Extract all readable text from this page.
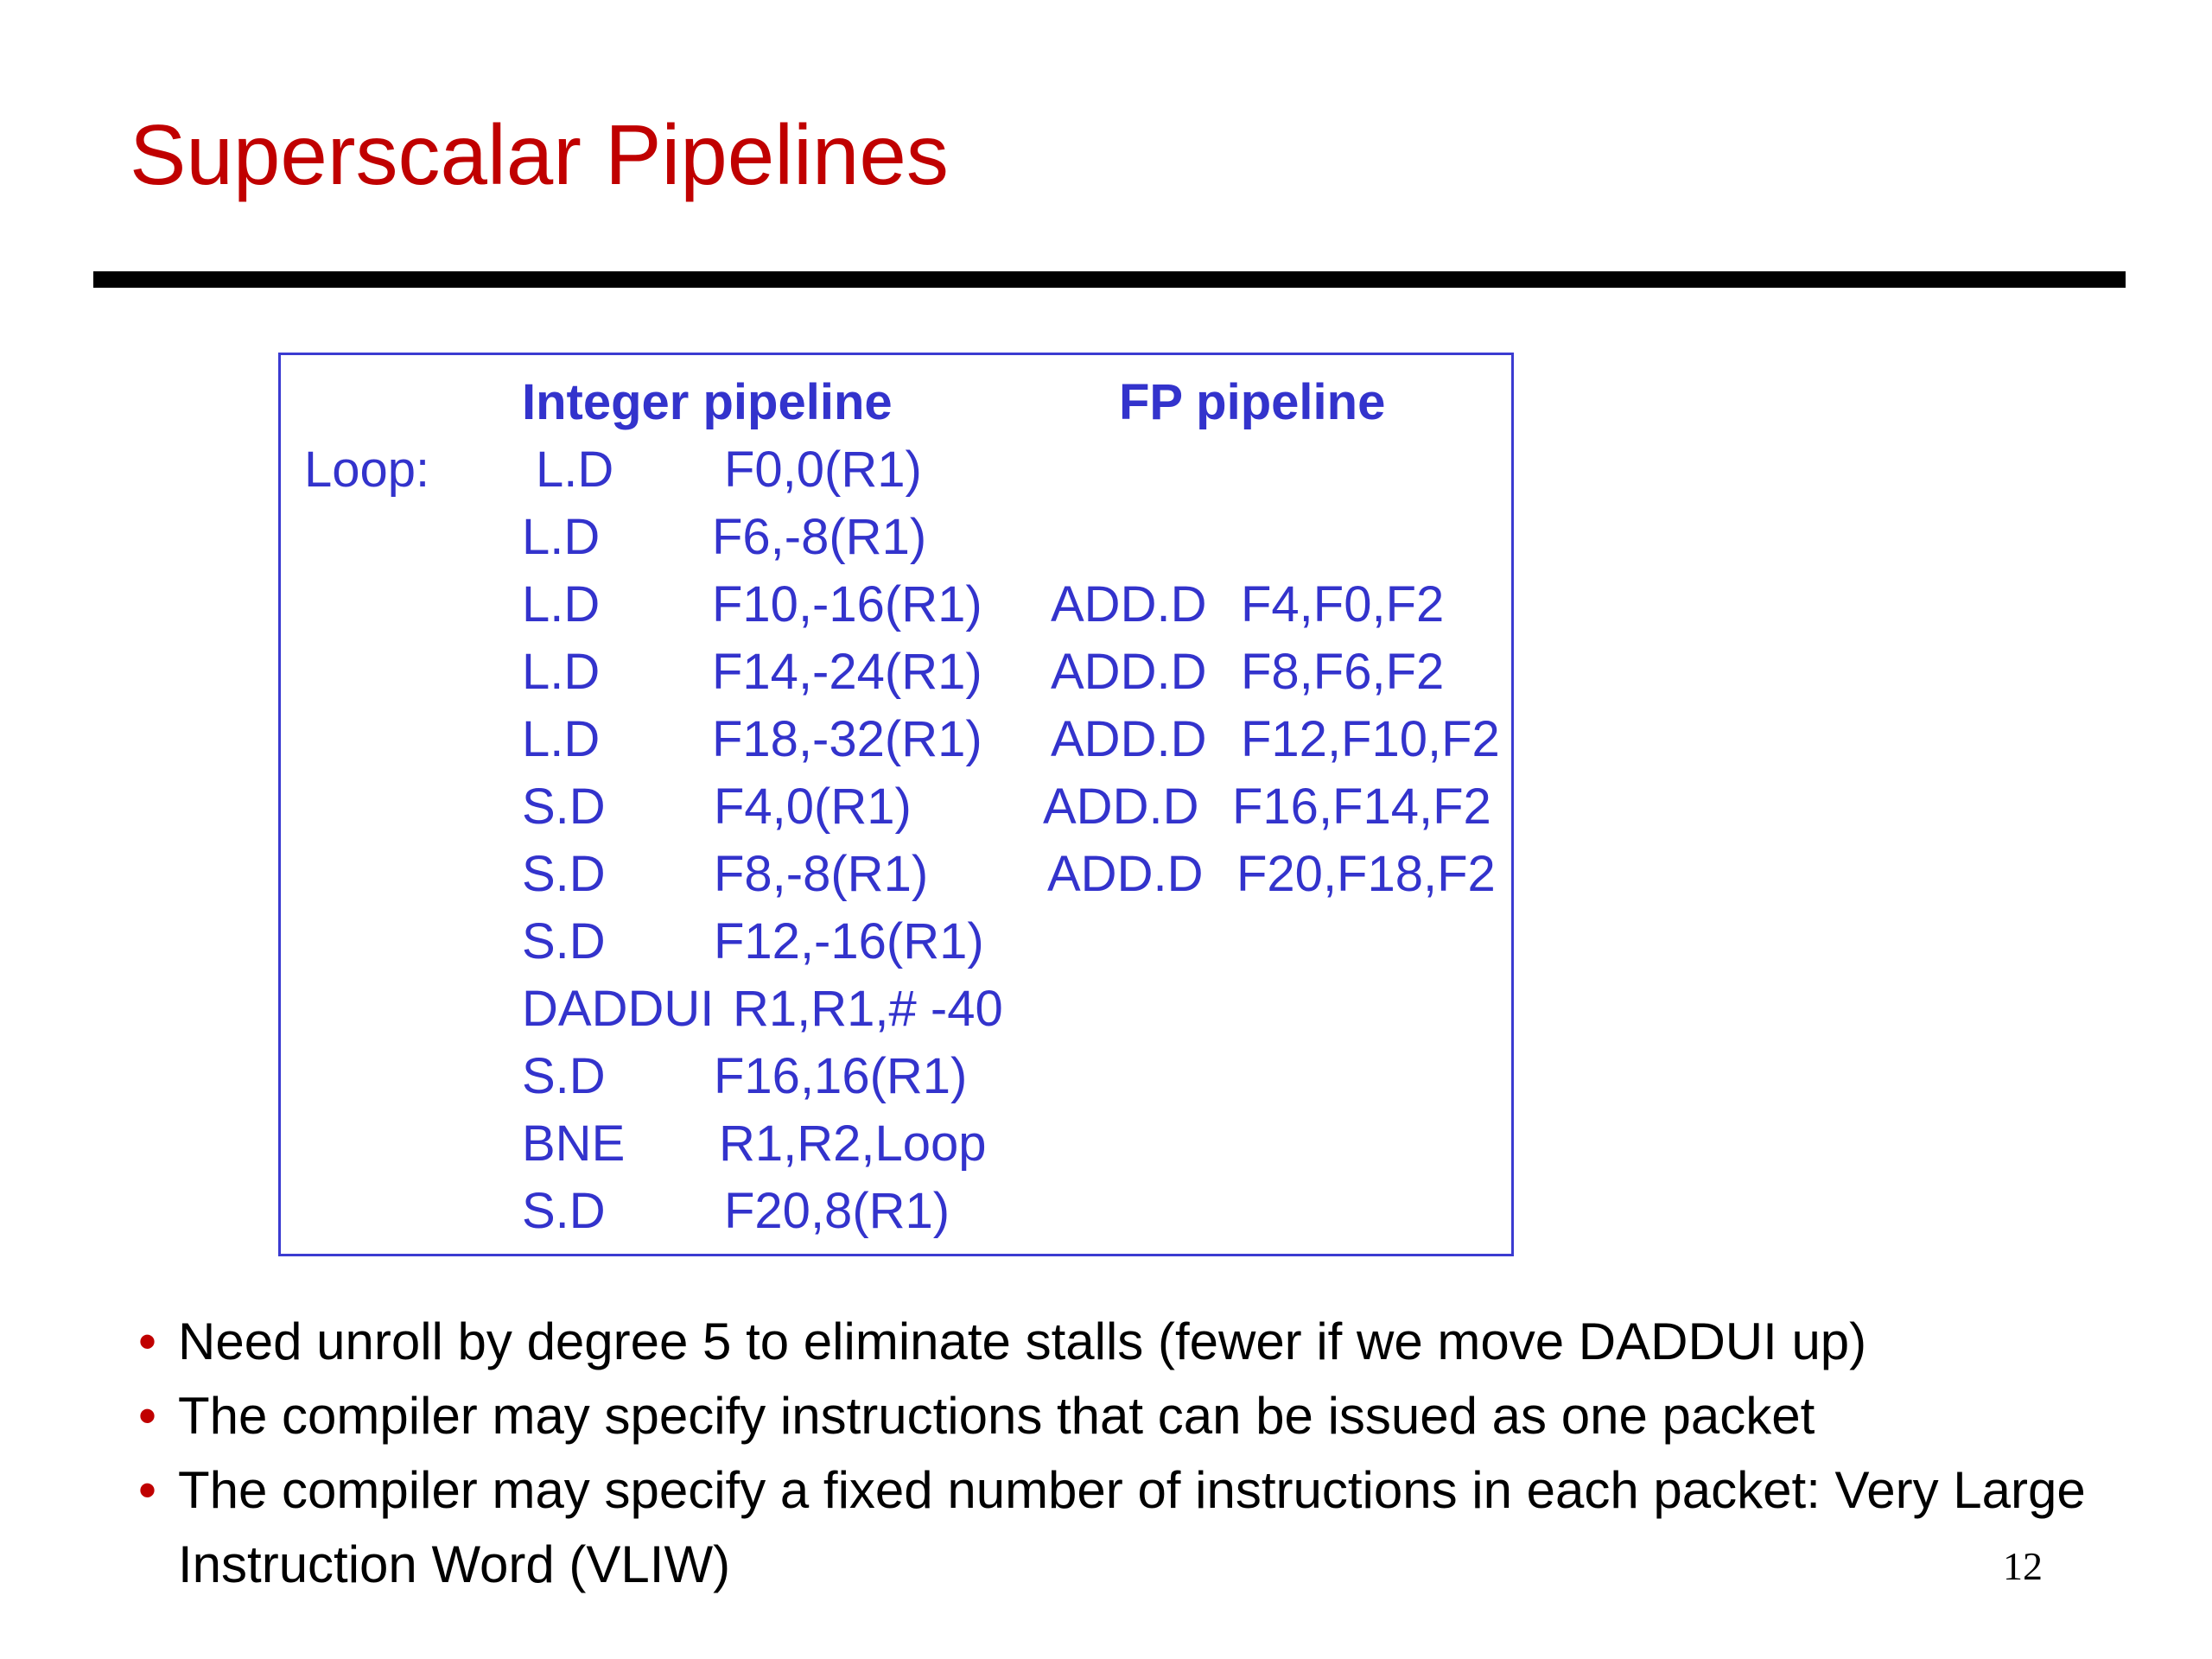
Superscalar Pipelines
Integer pipeline	FP pipeline
Loop: L.D F0,0(R1)
L.D F6,-8(R1)
L.D F10,-16(R1) ADD.D F4,F0,F2
L.D F14,-24(R1) ADD.D F8,F6,F2
L.D F18,-32(R1) ADD.D F12,F10,F2
S.D F4,0(R1)	ADD.D F16,F14,F2
S.D F8,-8(R1) ADD.D F20,F18,F2
S.D F12,-16(R1)
DADDUI R1,R1,# -40
S.D F16,16(R1)
BNE R1,R2,Loop
S.D F20,8(R1)
• Need unroll by degree 5 to eliminate stalls (fewer if we move DADDUI up)
• The compiler may specify instructions that can be issued as one packet
• The compiler may specify a fixed number of instructions in each packet: Very Large Instruction Word (VLIW)	12
